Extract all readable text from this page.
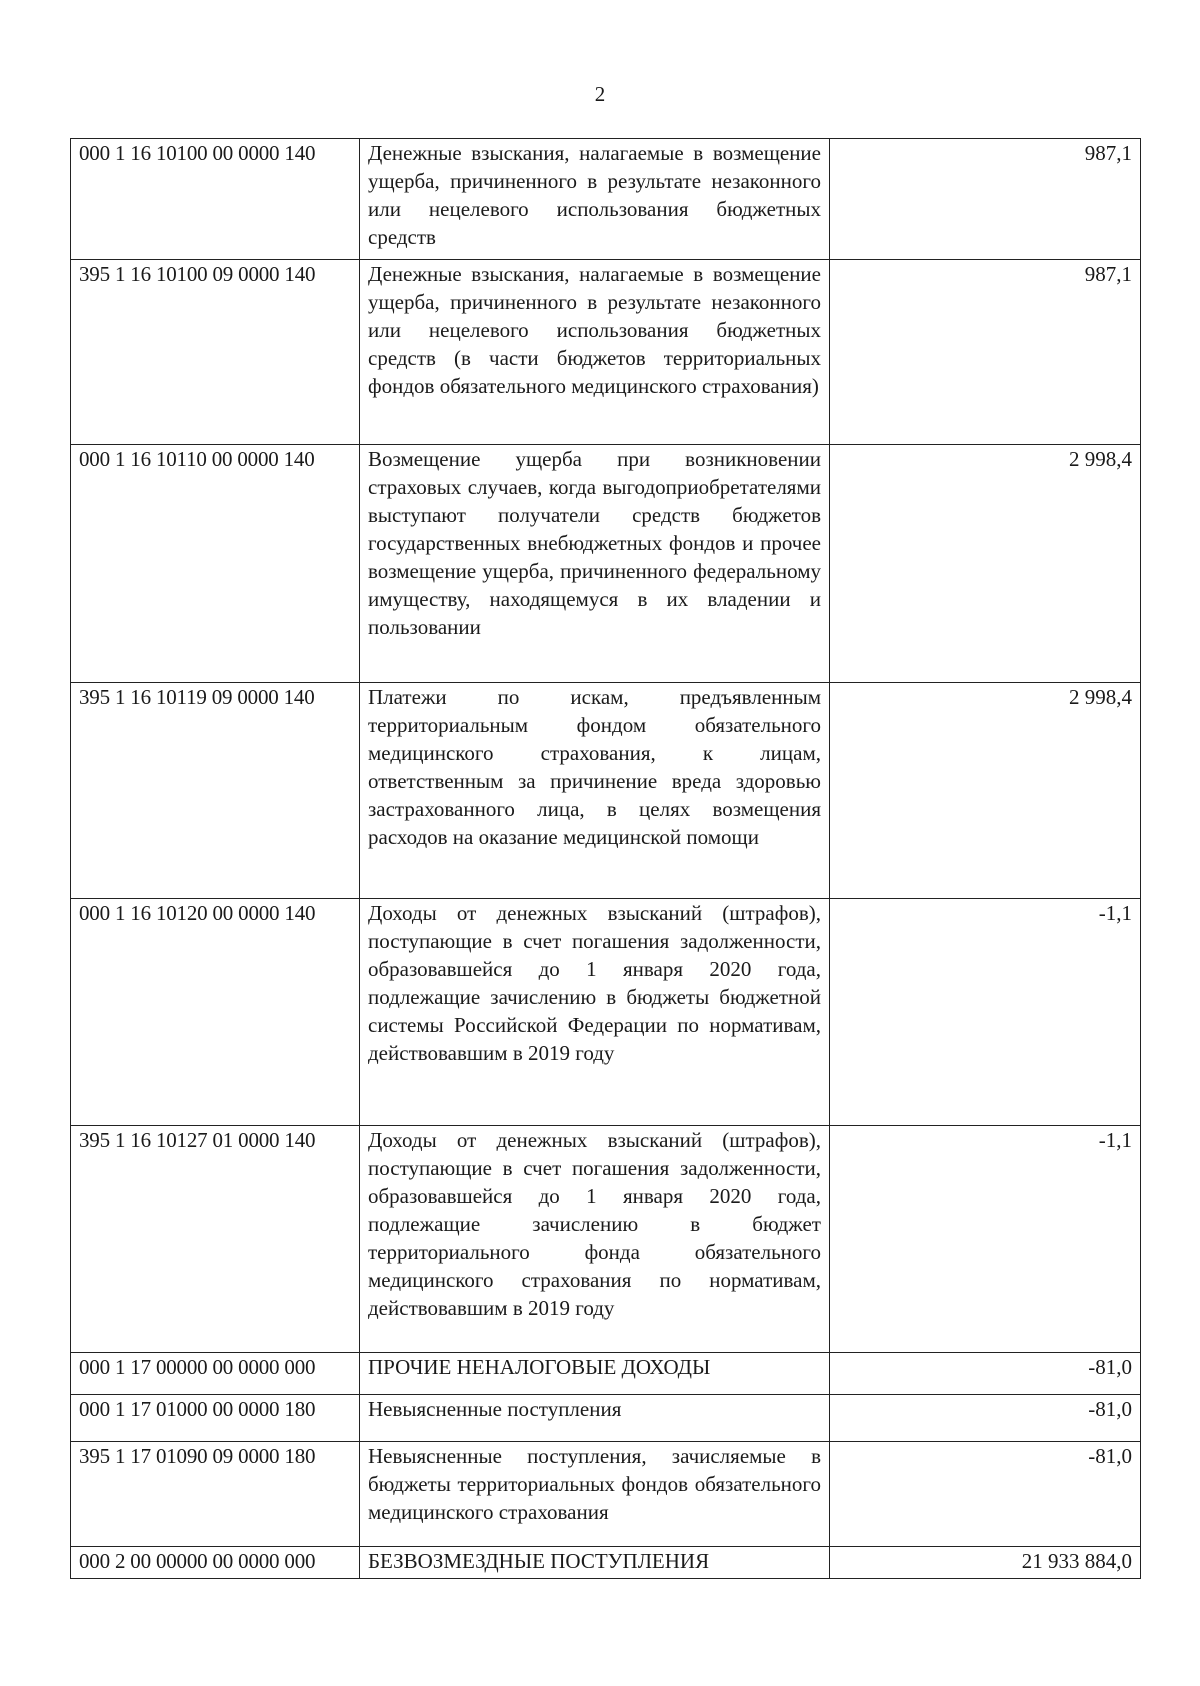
2
000 1 16 10100 00 0000 140	Денежные взыскания, налагаемые в возмещение ущерба, причиненного в результате незаконного или нецелевого использования бюджетных средств	987,1
395 1 16 10100 09 0000 140	Денежные взыскания, налагаемые в возмещение ущерба, причиненного в результате незаконного или нецелевого использования бюджетных средств (в части бюджетов территориальных фондов обязательного медицинского страхования)	987,1
000 1 16 10110 00 0000 140	Возмещение ущерба при возникновении страховых случаев, когда выгодоприобретателями выступают получатели средств бюджетов государственных внебюджетных фондов и прочее возмещение ущерба, причиненного федеральному имуществу, находящемуся в их владении и пользовании	2 998,4
395 1 16 10119 09 0000 140	Платежи по искам, предъявленным территориальным фондом обязательного медицинского страхования, к лицам, ответственным за причинение вреда здоровью застрахованного лица, в целях возмещения расходов на оказание медицинской помощи	2 998,4
000 1 16 10120 00 0000 140	Доходы от денежных взысканий (штрафов), поступающие в счет погашения задолженности, образовавшейся до 1 января 2020 года, подлежащие зачислению в бюджеты бюджетной системы Российской Федерации по нормативам, действовавшим в 2019 году	-1,1
395 1 16 10127 01 0000 140	Доходы от денежных взысканий (штрафов), поступающие в счет погашения задолженности, образовавшейся до 1 января 2020 года, подлежащие зачислению в бюджет территориального фонда обязательного медицинского страхования по нормативам, действовавшим в 2019 году	-1,1
000 1 17 00000 00 0000 000	ПРОЧИЕ НЕНАЛОГОВЫЕ ДОХОДЫ	-81,0
000 1 17 01000 00 0000 180	Невыясненные поступления	-81,0
395 1 17 01090 09 0000 180	Невыясненные поступления, зачисляемые в бюджеты территориальных фондов обязательного медицинского страхования	-81,0
000 2 00 00000 00 0000 000	БЕЗВОЗМЕЗДНЫЕ ПОСТУПЛЕНИЯ	21 933 884,0
